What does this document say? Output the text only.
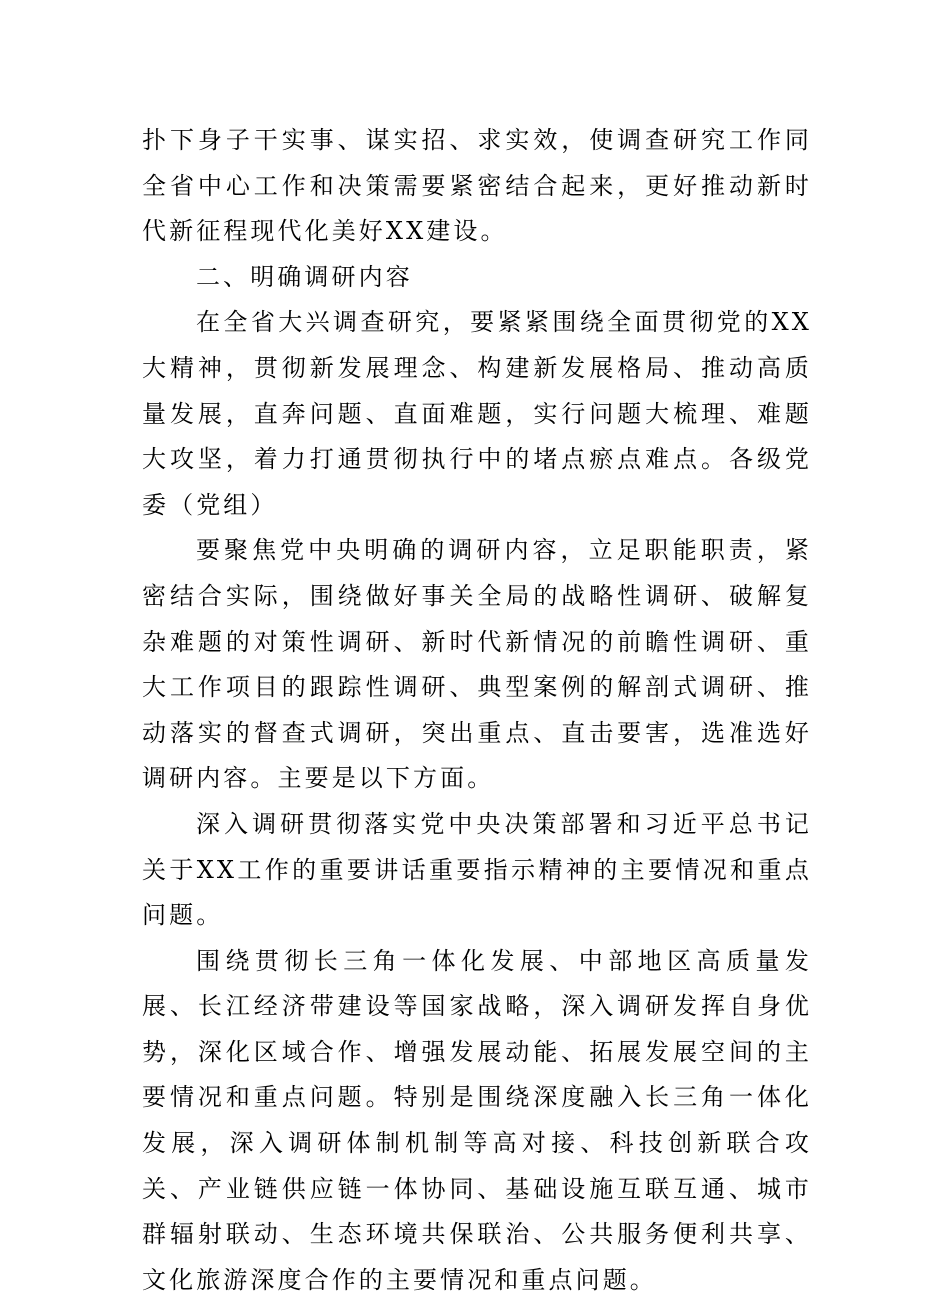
扑下身子干实事、谋实招、求实效，使调查研究工作同全省中心工作和决策需要紧密结合起来，更好推动新时代新征程现代化美好XX建设。

二、明确调研内容

在全省大兴调查研究，要紧紧围绕全面贯彻党的XX大精神，贯彻新发展理念、构建新发展格局、推动高质量发展，直奔问题、直面难题，实行问题大梳理、难题大攻坚，着力打通贯彻执行中的堵点瘀点难点。各级党委（党组）

要聚焦党中央明确的调研内容，立足职能职责，紧密结合实际，围绕做好事关全局的战略性调研、破解复杂难题的对策性调研、新时代新情况的前瞻性调研、重大工作项目的跟踪性调研、典型案例的解剖式调研、推动落实的督查式调研，突出重点、直击要害，选准选好调研内容。主要是以下方面。

深入调研贯彻落实党中央决策部署和习近平总书记关于XX工作的重要讲话重要指示精神的主要情况和重点问题。

围绕贯彻长三角一体化发展、中部地区高质量发展、长江经济带建设等国家战略，深入调研发挥自身优势，深化区域合作、增强发展动能、拓展发展空间的主要情况和重点问题。特别是围绕深度融入长三角一体化发展，深入调研体制机制等高对接、科技创新联合攻关、产业链供应链一体协同、基础设施互联互通、城市群辐射联动、生态环境共保联治、公共服务便利共享、文化旅游深度合作的主要情况和重点问题。
